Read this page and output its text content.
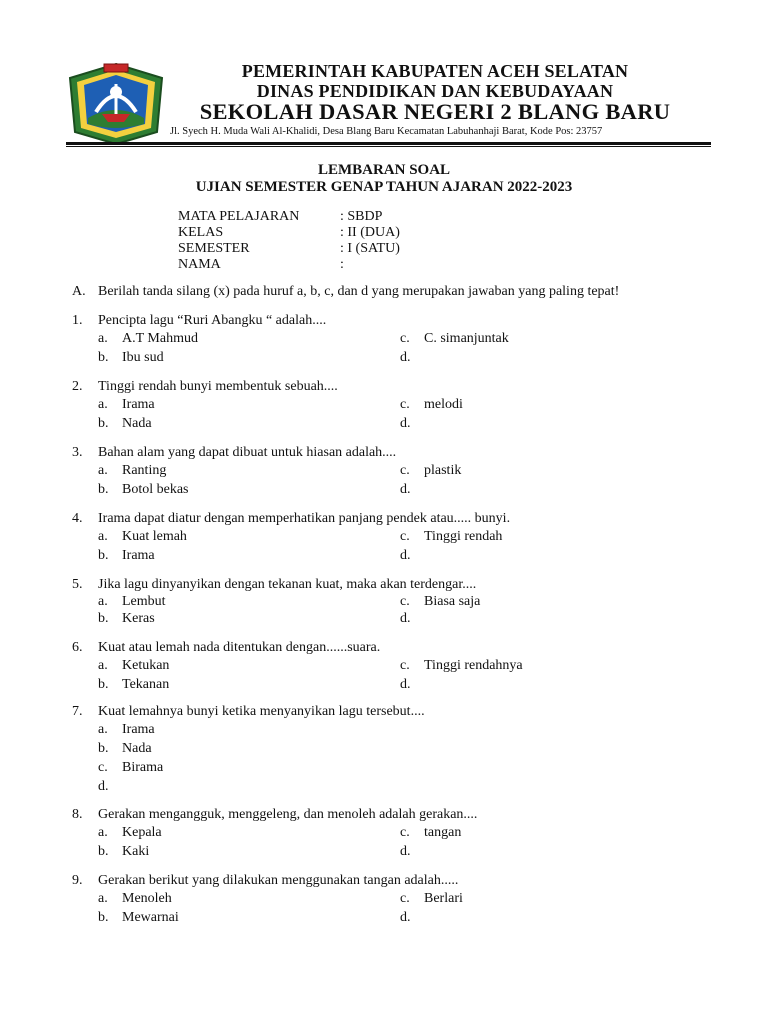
PEMERINTAH KABUPATEN ACEH SELATAN
DINAS PENDIDIKAN DAN KEBUDAYAAN
SEKOLAH DASAR NEGERI 2 BLANG BARU
Jl. Syech H. Muda Wali Al-Khalidi, Desa Blang Baru Kecamatan Labuhanhaji Barat, Kode Pos: 23757
LEMBARAN SOAL
UJIAN SEMESTER GENAP TAHUN AJARAN 2022-2023
MATA PELAJARAN	: SBDP
KELAS	: II (DUA)
SEMESTER	: I (SATU)
NAMA	:
A. Berilah tanda silang (x) pada huruf a, b, c, dan d yang merupakan jawaban yang paling tepat!
1.	Pencipta lagu “Ruri Abangku “ adalah....
a.	A.T Mahmud	c.	C. simanjuntak
b. Ibu sud	d.
2.	Tinggi rendah bunyi membentuk sebuah....
a.	Irama	c.	melodi
b. Nada	d.
3.	Bahan alam yang dapat dibuat untuk hiasan adalah....
a.	Ranting	c.	plastik
b. Botol bekas	d.
4.	Irama dapat diatur dengan memperhatikan panjang pendek atau..... bunyi.
a.	Kuat lemah	c.	Tinggi rendah
b. Irama	d.
5.	Jika lagu dinyanyikan dengan tekanan kuat, maka akan terdengar....
a.	Lembut	c.	Biasa saja
b. Keras	d.
6.	Kuat atau lemah nada ditentukan dengan......suara.
a.	Ketukan	c.	Tinggi rendahnya
b. Tekanan	d.
7.	Kuat lemahnya bunyi ketika menyanyikan lagu tersebut....
a.	Irama
b. Nada
c.	Birama
d.
8.	Gerakan mengangguk, menggeleng, dan menoleh adalah gerakan....
a.	Kepala	c.	tangan
b. Kaki	d.
9.	Gerakan berikut yang dilakukan menggunakan tangan adalah.....
a.	Menoleh	c.	Berlari
b. Mewarnai	d.
